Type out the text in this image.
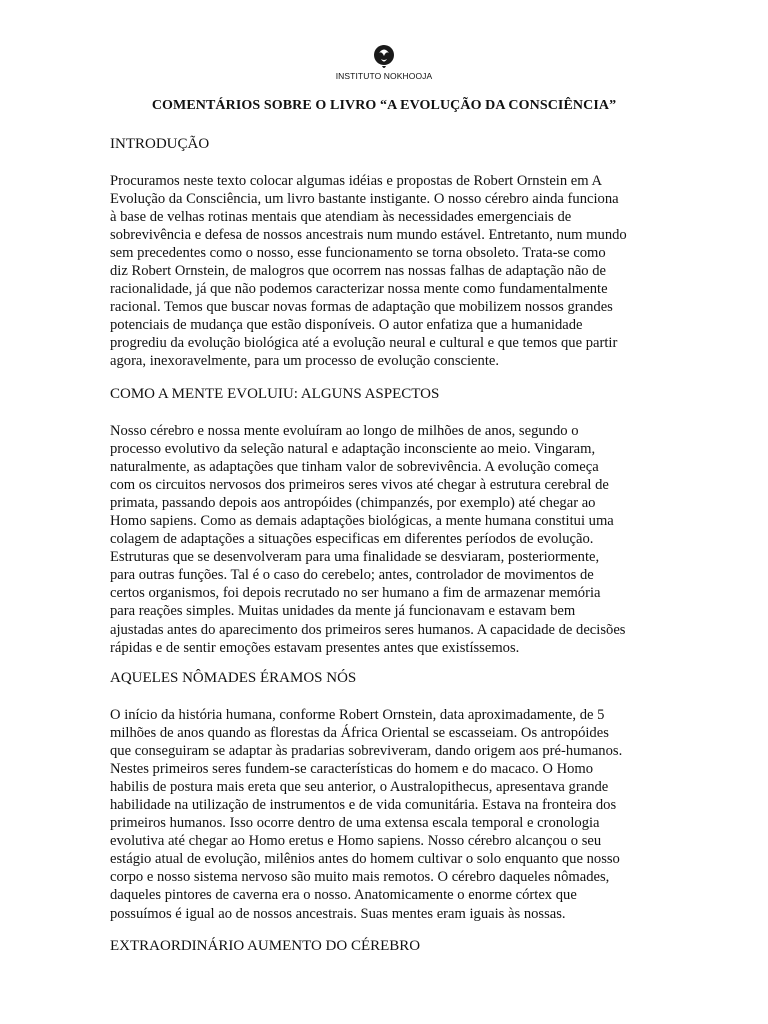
INSTITUTO NOKHOOJA
COMENTÁRIOS SOBRE O LIVRO “A EVOLUÇÃO DA CONSCIÊNCIA”
INTRODUÇÃO
Procuramos neste texto colocar algumas idéias e propostas de Robert Ornstein em A
Evolução da Consciência, um livro bastante instigante. O nosso cérebro ainda funciona
à base de velhas rotinas mentais que atendiam às necessidades emergenciais de
sobrevivência e defesa de nossos ancestrais num mundo estável. Entretanto, num mundo
sem precedentes como o nosso, esse funcionamento se torna obsoleto. Trata-se como
diz Robert Ornstein, de malogros que ocorrem nas nossas falhas de adaptação não de
racionalidade, já que não podemos caracterizar nossa mente como fundamentalmente
racional. Temos que buscar novas formas de adaptação que mobilizem nossos grandes
potenciais de mudança que estão disponíveis. O autor enfatiza que a humanidade
progrediu da evolução biológica até a evolução neural e cultural e que temos que partir
agora, inexoravelmente, para um processo de evolução consciente.
COMO A MENTE EVOLUIU: ALGUNS ASPECTOS
Nosso cérebro e nossa mente evoluíram ao longo de milhões de anos, segundo o
processo evolutivo da seleção natural e adaptação inconsciente ao meio. Vingaram,
naturalmente, as adaptações que tinham valor de sobrevivência. A evolução começa
com os circuitos nervosos dos primeiros seres vivos até chegar à estrutura cerebral de
primata, passando depois aos antropóides (chimpanzés, por exemplo) até chegar ao
Homo sapiens. Como as demais adaptações biológicas, a mente humana constitui uma
colagem de adaptações a situações especificas em diferentes períodos de evolução.
Estruturas que se desenvolveram para uma finalidade se desviaram, posteriormente,
para outras funções. Tal é o caso do cerebelo; antes, controlador de movimentos de
certos organismos, foi depois recrutado no ser humano a fim de armazenar memória
para reações simples. Muitas unidades da mente já funcionavam e estavam bem
ajustadas antes do aparecimento dos primeiros seres humanos. A capacidade de decisões
rápidas e de sentir emoções estavam presentes antes que existíssemos.
AQUELES NÔMADES ÉRAMOS NÓS
O início da história humana, conforme Robert Ornstein, data aproximadamente, de 5
milhões de anos quando as florestas da África Oriental se escasseiam. Os antropóides
que conseguiram se adaptar às pradarias sobreviveram, dando origem aos pré-humanos.
Nestes primeiros seres fundem-se características do homem e do macaco. O Homo
habilis de postura mais ereta que seu anterior, o Australopithecus, apresentava grande
habilidade na utilização de instrumentos e de vida comunitária. Estava na fronteira dos
primeiros humanos. Isso ocorre dentro de uma extensa escala temporal e cronologia
evolutiva até chegar ao Homo eretus e Homo sapiens. Nosso cérebro alcançou o seu
estágio atual de evolução, milênios antes do homem cultivar o solo enquanto que nosso
corpo e nosso sistema nervoso são muito mais remotos. O cérebro daqueles nômades,
daqueles pintores de caverna era o nosso. Anatomicamente o enorme córtex que
possuímos é igual ao de nossos ancestrais. Suas mentes eram iguais às nossas.
EXTRAORDINÁRIO AUMENTO DO CÉREBRO
